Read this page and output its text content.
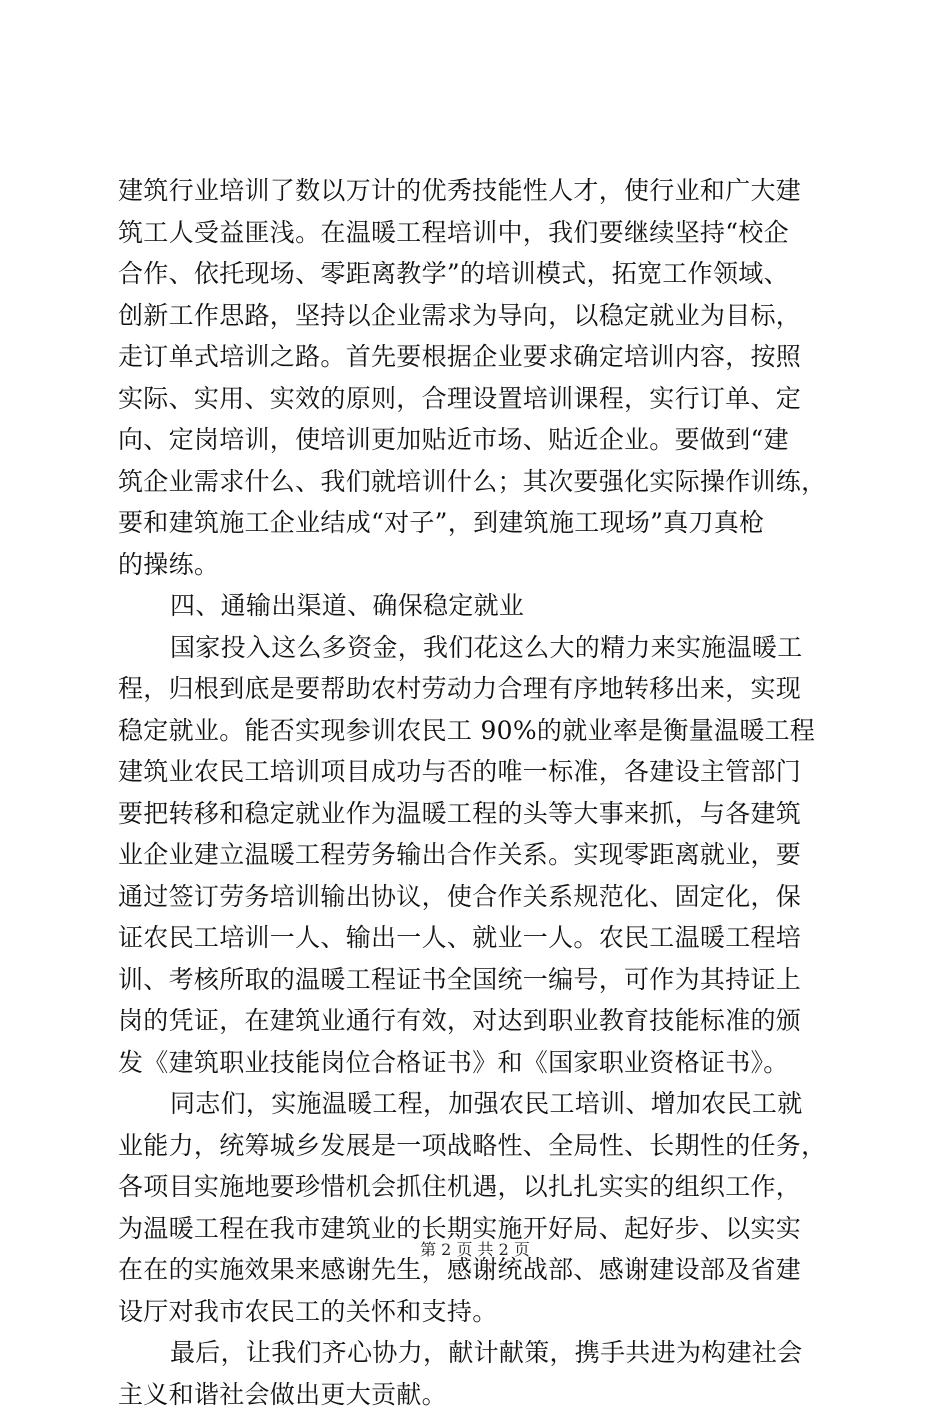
建筑行业培训了数以万计的优秀技能性人才，使行业和广大建
筑工人受益匪浅。在温暖工程培训中，我们要继续坚持“校企
合作、依托现场、零距离教学”的培训模式，拓宽工作领域、
创新工作思路，坚持以企业需求为导向，以稳定就业为目标，
走订单式培训之路。首先要根据企业要求确定培训内容，按照
实际、实用、实效的原则，合理设置培训课程，实行订单、定
向、定岗培训，使培训更加贴近市场、贴近企业。要做到“建
筑企业需求什么、我们就培训什么；其次要强化实际操作训练，
要和建筑施工企业结成“对子”，到建筑施工现场”真刀真枪
的操练。
四、通输出渠道、确保稳定就业
国家投入这么多资金，我们花这么大的精力来实施温暖工
程，归根到底是要帮助农村劳动力合理有序地转移出来，实现
稳定就业。能否实现参训农民工 90%的就业率是衡量温暖工程
建筑业农民工培训项目成功与否的唯一标准，各建设主管部门
要把转移和稳定就业作为温暖工程的头等大事来抓，与各建筑
业企业建立温暖工程劳务输出合作关系。实现零距离就业，要
通过签订劳务培训输出协议，使合作关系规范化、固定化，保
证农民工培训一人、输出一人、就业一人。农民工温暖工程培
训、考核所取的温暖工程证书全国统一编号，可作为其持证上
岗的凭证，在建筑业通行有效，对达到职业教育技能标准的颁
发《建筑职业技能岗位合格证书》和《国家职业资格证书》。
同志们，实施温暖工程，加强农民工培训、增加农民工就
业能力，统筹城乡发展是一项战略性、全局性、长期性的任务，
各项目实施地要珍惜机会抓住机遇，以扎扎实实的组织工作，
为温暖工程在我市建筑业的长期实施开好局、起好步、以实实
在在的实施效果来感谢先生，感谢统战部、感谢建设部及省建
设厅对我市农民工的关怀和支持。
最后，让我们齐心协力，献计献策，携手共进为构建社会
主义和谐社会做出更大贡献。
第 2 页 共 2 页
